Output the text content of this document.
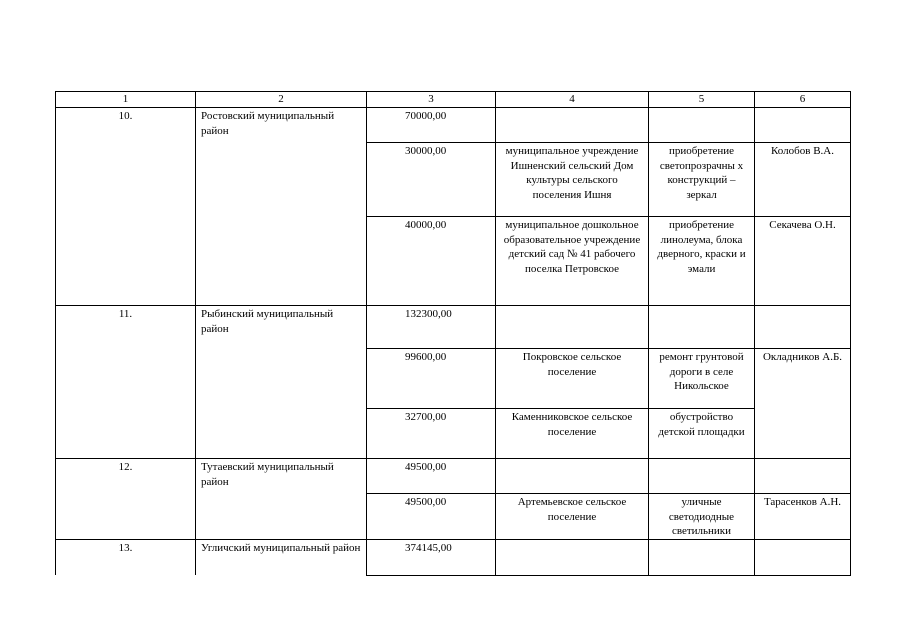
1	2	3	4	5	6
10.	Ростовский муниципальный район	70000,00			
		30000,00	муниципальное учреждение Ишненский сельский Дом культуры сельского поселения Ишня	приобретение светопрозрачны х конструкций – зеркал	Колобов В.А.
		40000,00	муниципальное дошкольное образовательное учреждение детский сад № 41 рабочего поселка Петровское	приобретение линолеума, блока дверного, краски и эмали	Секачева О.Н.
11.	Рыбинский муниципальный район	132300,00			
		99600,00	Покровское сельское поселение	ремонт грунтовой дороги в селе Никольское	Окладников А.Б.
		32700,00	Каменниковское сельское поселение	обустройство детской площадки	
12.	Тутаевский муниципальный район	49500,00			
		49500,00	Артемьевское сельское поселение	уличные светодиодные светильники	Тарасенков А.Н.
13.	Угличский муниципальный район	374145,00			
